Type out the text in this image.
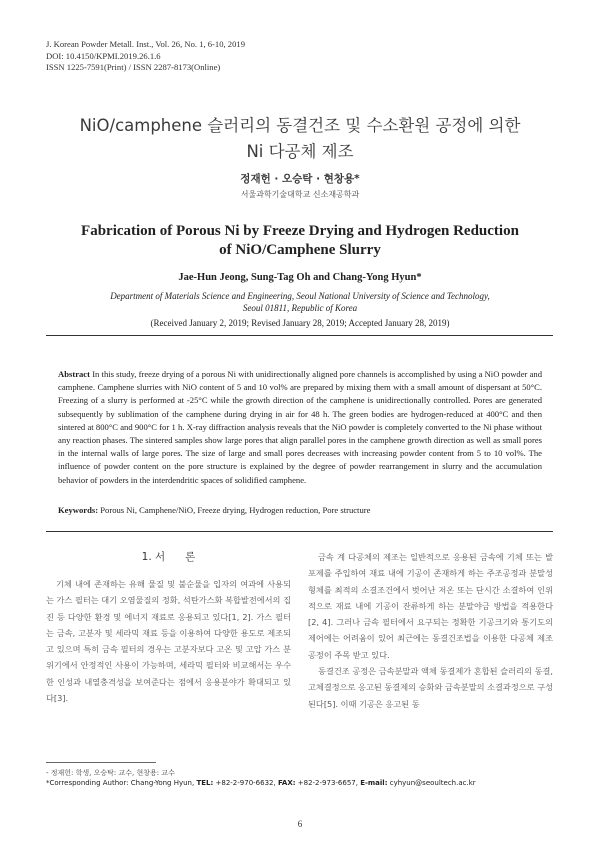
J. Korean Powder Metall. Inst., Vol. 26, No. 1, 6-10, 2019
DOI: 10.4150/KPMI.2019.26.1.6
ISSN 1225-7591(Print) / ISSN 2287-8173(Online)
NiO/camphene 슬러리의 동결건조 및 수소환원 공정에 의한
Ni 다공체 제조
정재헌 · 오승탁 · 현창용*
서울과학기술대학교 신소재공학과
Fabrication of Porous Ni by Freeze Drying and Hydrogen Reduction
of NiO/Camphene Slurry
Jae-Hun Jeong, Sung-Tag Oh and Chang-Yong Hyun*
Department of Materials Science and Engineering, Seoul National University of Science and Technology,
Seoul 01811, Republic of Korea
(Received January 2, 2019; Revised January 28, 2019; Accepted January 28, 2019)
Abstract In this study, freeze drying of a porous Ni with unidirectionally aligned pore channels is accomplished by using a NiO powder and camphene. Camphene slurries with NiO content of 5 and 10 vol% are prepared by mixing them with a small amount of dispersant at 50°C. Freezing of a slurry is performed at -25°C while the growth direction of the camphene is unidirectionally controlled. Pores are generated subsequently by sublimation of the camphene during drying in air for 48 h. The green bodies are hydrogen-reduced at 400°C and then sintered at 800°C and 900°C for 1 h. X-ray diffraction analysis reveals that the NiO powder is completely converted to the Ni phase without any reaction phases. The sintered samples show large pores that align parallel pores in the camphene growth direction as well as small pores in the internal walls of large pores. The size of large and small pores decreases with increasing powder content from 5 to 10 vol%. The influence of powder content on the pore structure is explained by the degree of powder rearrangement in slurry and the accumulation behavior of powders in the interdendritic spaces of solidified camphene.
Keywords: Porous Ni, Camphene/NiO, Freeze drying, Hydrogen reduction, Pore structure
1. 서 론

기체 내에 존재하는 유해 물질 및 불순물을 입자의 여과에 사용되는 가스 필터는 대기 오염물질의 정화, 석탄가스화 복합발전에서의 집진 등 다양한 환경 및 에너지 재료로 응용되고 있다[1, 2]. 가스 필터는 금속, 고분자 및 세라믹 재료 등을 이용하여 다양한 용도로 제조되고 있으며 특히 금속 필터의 경우는 고분자보다 고온 및 고압 가스 분위기에서 안정적인 사용이 가능하며, 세라믹 필터와 비교해서는 우수한 인성과 내열충격성을 보여준다는 점에서 응용분야가 확대되고 있다[3].

금속 계 다공체의 제조는 일반적으로 응용된 금속에 기체 또는 발포제를 주입하여 재료 내에 기공이 존재하게 하는 주조공정과 분말성형체를 최적의 소결조건에서 벗어난 저온 또는 단시간 소결하여 인위적으로 재료 내에 기공이 잔류하게 하는 분말야금 방법을 적용한다[2, 4]. 그러나 금속 필터에서 요구되는 정확한 기공크기와 통기도의 제어에는 어려움이 있어 최근에는 동결건조법을 이용한 다공체 제조공정이 주목 받고 있다.

동결건조 공정은 금속분말과 액체 동결제가 혼합된 슬러리의 동결, 고체결정으로 응고된 동결제의 승화와 금속분말의 소결과정으로 구성된다[5]. 이때 기공은 응고된 동

- 정재헌: 학생, 오승탁: 교수, 현창용: 교수
*Corresponding Author: Chang-Yong Hyun, TEL: +82-2-970-6632, FAX: +82-2-973-6657, E-mail: cyhyun@seoultech.ac.kr
6
